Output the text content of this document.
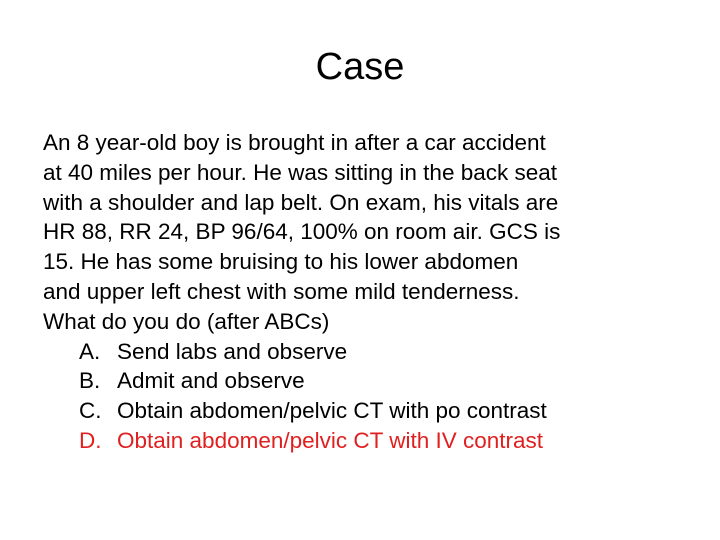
Case
An 8 year-old boy is brought in after a car accident
at 40 miles per hour. He was sitting in the back seat
with a shoulder and lap belt. On exam, his vitals are
HR 88, RR 24, BP 96/64, 100% on room air. GCS is
15. He has some bruising to his lower abdomen
and upper left chest with some mild tenderness.
What do you do (after ABCs)
A. Send labs and observe
B. Admit and observe
C. Obtain abdomen/pelvic CT with po contrast
D. Obtain abdomen/pelvic CT with IV contrast
